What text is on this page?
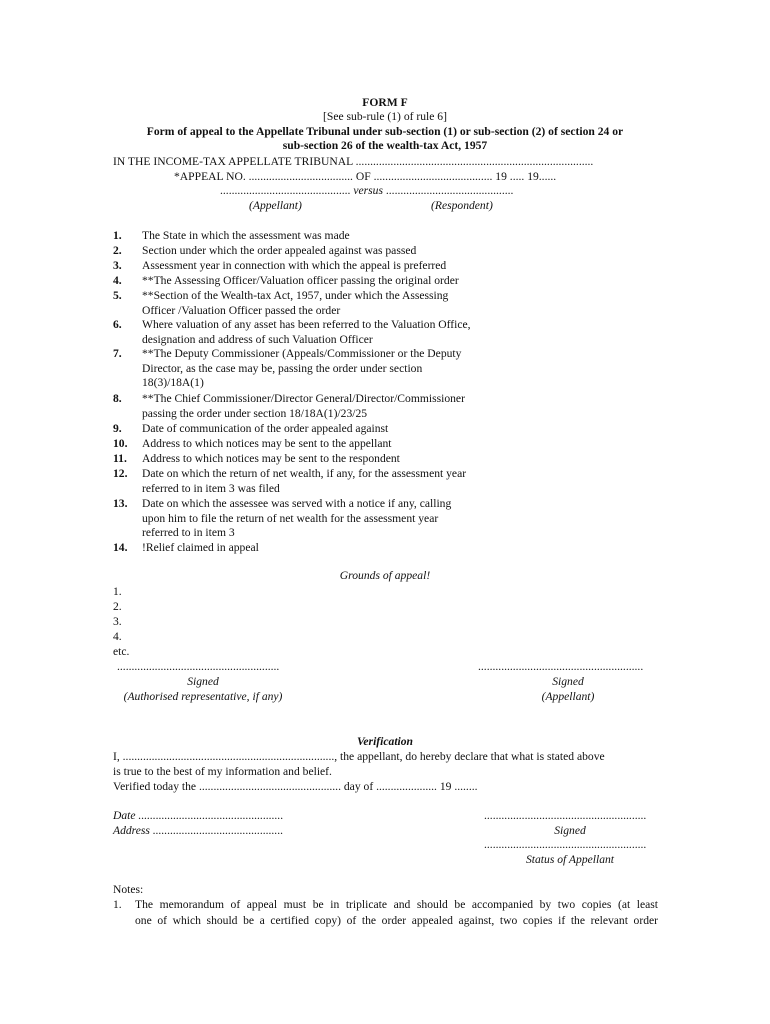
FORM F
[See sub-rule (1) of rule 6]
Form of appeal to the Appellate Tribunal under sub-section (1) or sub-section (2) of section 24 or
sub-section 26 of the wealth-tax Act, 1957
IN THE INCOME-TAX APPELLATE TRIBUNAL ..................................................................................
*APPEAL NO. .................................... OF ......................................... 19 ..... 19......
............................................. versus ............................................
(Appellant)	(Respondent)
1. The State in which the assessment was made
2. Section under which the order appealed against was passed
3. Assessment year in connection with which the appeal is preferred
4. **The Assessing Officer/Valuation officer passing the original order
5. **Section of the Wealth-tax Act, 1957, under which the Assessing
Officer /Valuation Officer passed the order
6. Where valuation of any asset has been referred to the Valuation Office,
designation and address of such Valuation Officer
7. **The Deputy Commissioner (Appeals/Commissioner or the Deputy
Director, as the case may be, passing the order under section
18(3)/18A(1)
8. **The Chief Commissioner/Director General/Director/Commissioner
passing the order under section 18/18A(1)/23/25
9. Date of communication of the order appealed against
10. Address to which notices may be sent to the appellant
11. Address to which notices may be sent to the respondent
12. Date on which the return of net wealth, if any, for the assessment year
referred to in item 3 was filed
13. Date on which the assessee was served with a notice if any, calling
upon him to file the return of net wealth for the assessment year
referred to in item 3
14. !Relief claimed in appeal
Grounds of appeal!
1.
2.
3.
4.
etc.
........................................................
Signed
(Authorised representative, if any)
.........................................................
Signed
(Appellant)
Verification
I, ........................................................................., the appellant, do hereby declare that what is stated above
is true to the best of my information and belief.
Verified today the ................................................. day of ..................... 19 ........
Date ..................................................
Address .............................................
........................................................
Signed
........................................................
Status of Appellant
Notes:
1. The memorandum of appeal must be in triplicate and should be accompanied by two copies (at least
one of which should be a certified copy) of the order appealed against, two copies if the relevant order
